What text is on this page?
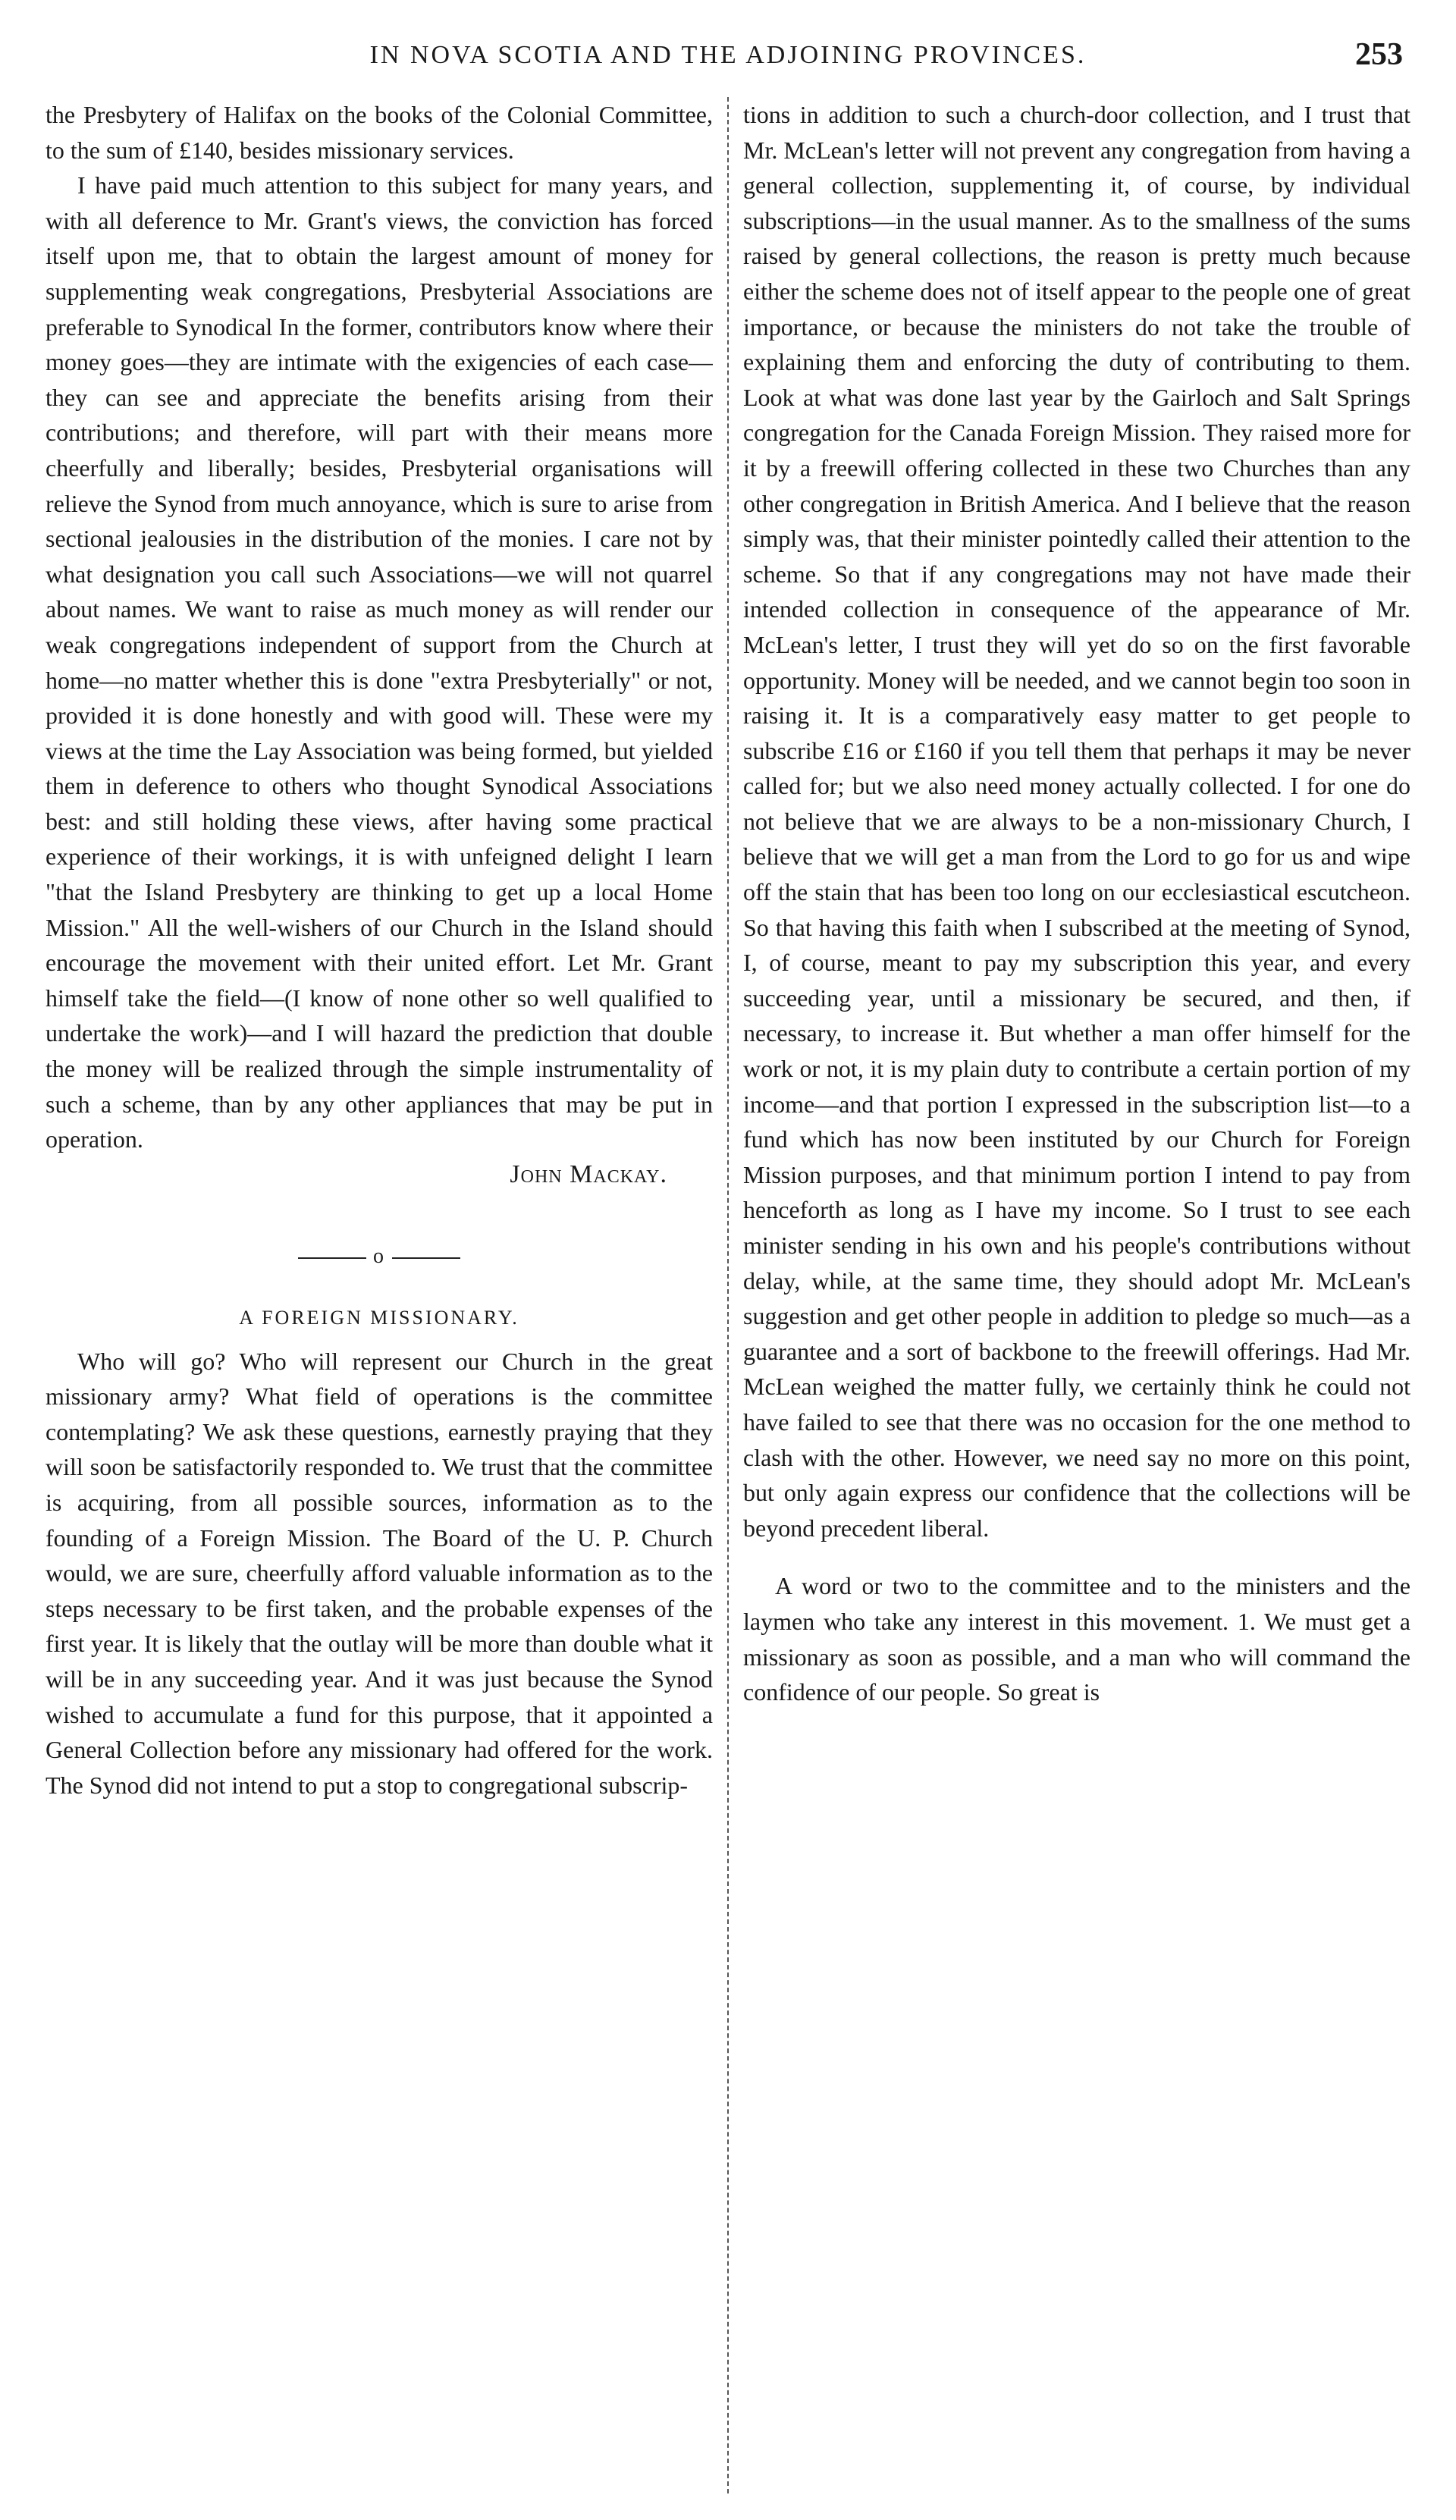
IN NOVA SCOTIA AND THE ADJOINING PROVINCES.	253

the Presbytery of Halifax on the books of the Colonial Committee, to the sum of £140, besides missionary services.

I have paid much attention to this subject for many years, and with all deference to Mr. Grant's views, the conviction has forced itself upon me, that to obtain the largest amount of money for supplementing weak congregations, Presbyterial Associations are preferable to Synodical In the former, contributors know where their money goes—they are intimate with the exigencies of each case—they can see and appreciate the benefits arising from their contributions; and therefore, will part with their means more cheerfully and liberally; besides, Presbyterial organisations will relieve the Synod from much annoyance, which is sure to arise from sectional jealousies in the distribution of the monies. I care not by what designation you call such Associations—we will not quarrel about names. We want to raise as much money as will render our weak congregations independent of support from the Church at home—no matter whether this is done "extra Presbyterially" or not, provided it is done honestly and with good will. These were my views at the time the Lay Association was being formed, but yielded them in deference to others who thought Synodical Associations best: and still holding these views, after having some practical experience of their workings, it is with unfeigned delight I learn "that the Island Presbytery are thinking to get up a local Home Mission." All the well-wishers of our Church in the Island should encourage the movement with their united effort. Let Mr. Grant himself take the field—(I know of none other so well qualified to undertake the work)—and I will hazard the prediction that double the money will be realized through the simple instrumentality of such a scheme, than by any other appliances that may be put in operation.

John Mackay.

o
A FOREIGN MISSIONARY.

Who will go? Who will represent our Church in the great missionary army? What field of operations is the committee contemplating? We ask these questions, earnestly praying that they will soon be satisfactorily responded to. We trust that the committee is acquiring, from all possible sources, information as to the founding of a Foreign Mission. The Board of the U. P. Church would, we are sure, cheerfully afford valuable information as to the steps necessary to be first taken, and the probable expenses of the first year. It is likely that the outlay will be more than double what it will be in any succeeding year. And it was just because the Synod wished to accumulate a fund for this purpose, that it appointed a General Collection before any missionary had offered for the work. The Synod did not intend to put a stop to congregational subscrip-

tions in addition to such a church-door collection, and I trust that Mr. McLean's letter will not prevent any congregation from having a general collection, supplementing it, of course, by individual subscriptions—in the usual manner. As to the smallness of the sums raised by general collections, the reason is pretty much because either the scheme does not of itself appear to the people one of great importance, or because the ministers do not take the trouble of explaining them and enforcing the duty of contributing to them. Look at what was done last year by the Gairloch and Salt Springs congregation for the Canada Foreign Mission. They raised more for it by a freewill offering collected in these two Churches than any other congregation in British America. And I believe that the reason simply was, that their minister pointedly called their attention to the scheme. So that if any congregations may not have made their intended collection in consequence of the appearance of Mr. McLean's letter, I trust they will yet do so on the first favorable opportunity. Money will be needed, and we cannot begin too soon in raising it. It is a comparatively easy matter to get people to subscribe £16 or £160 if you tell them that perhaps it may be never called for; but we also need money actually collected. I for one do not believe that we are always to be a non-missionary Church, I believe that we will get a man from the Lord to go for us and wipe off the stain that has been too long on our ecclesiastical escutcheon. So that having this faith when I subscribed at the meeting of Synod, I, of course, meant to pay my subscription this year, and every succeeding year, until a missionary be secured, and then, if necessary, to increase it. But whether a man offer himself for the work or not, it is my plain duty to contribute a certain portion of my income—and that portion I expressed in the subscription list—to a fund which has now been instituted by our Church for Foreign Mission purposes, and that minimum portion I intend to pay from henceforth as long as I have my income. So I trust to see each minister sending in his own and his people's contributions without delay, while, at the same time, they should adopt Mr. McLean's suggestion and get other people in addition to pledge so much—as a guarantee and a sort of backbone to the freewill offerings. Had Mr. McLean weighed the matter fully, we certainly think he could not have failed to see that there was no occasion for the one method to clash with the other. However, we need say no more on this point, but only again express our confidence that the collections will be beyond precedent liberal.

A word or two to the committee and to the ministers and the laymen who take any interest in this movement. 1. We must get a missionary as soon as possible, and a man who will command the confidence of our people. So great is
